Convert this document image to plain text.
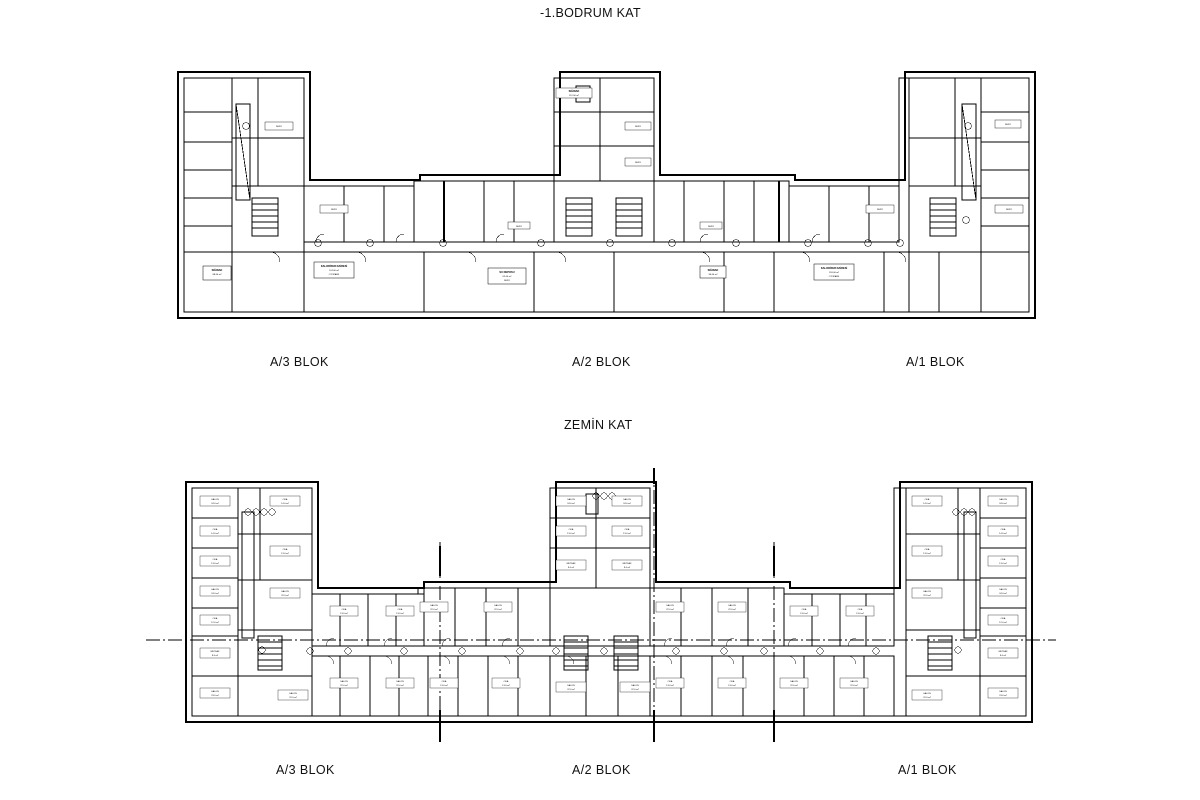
-1.BODRUM KAT
SIĞINAK
112.00 m²
DEPO
DEPO
DEPO
DEPO
DEPO	DEPO
DEPO	DEPO
SIĞINAK
88.00 m²
KALORİFER DAİRESİ
124.00 m²
OTOPARK
SU DEPOSU
62.00 m²
DEPO
SIĞINAK
96.00 m²
KALORİFER DAİRESİ
118.00 m²
OTOPARK
DEPO
A/3 BLOK	A/2 BLOK	A/1 BLOK
ZEMİN KAT
SALON
24.0 m²
ODA
14.0 m²
ODA
13.0 m²
SALON
24.0 m²
ODA
12.0 m²
MUTFAK
9.0 m²
SALON
23.0 m²
ODA
14.0 m²
ODA
13.0 m²
SALON
22.0 m²
SALON
22.0 m²
ODA
13.0 m²
ODA
13.0 m²
SALON
22.0 m²
SALON
22.0 m²
SALON
22.0 m²
SALON
22.0 m²
ODA
13.0 m²
ODA
13.0 m²
SALON
24.0 m²
SALON
24.0 m²
ODA
13.0 m²
ODA
13.0 m²
MUTFAK
9.0 m²
MUTFAK
9.0 m²
SALON
22.0 m²
SALON
22.0 m²
SALON
22.0 m²
SALON
22.0 m²	ODA
13.0 m²
ODA
13.0 m²
ODA
13.0 m²
ODA
13.0 m²
SALON
22.0 m²
SALON
22.0 m²
ODA
14.0 m²
ODA
13.0 m²
SALON
22.0 m²
SALON
22.0 m²
SALON
24.0 m²
ODA
14.0 m²
ODA
13.0 m²
SALON
24.0 m²
ODA
12.0 m²
MUTFAK
9.0 m²
SALON
23.0 m²
A/3 BLOK	A/2 BLOK	A/1 BLOK
